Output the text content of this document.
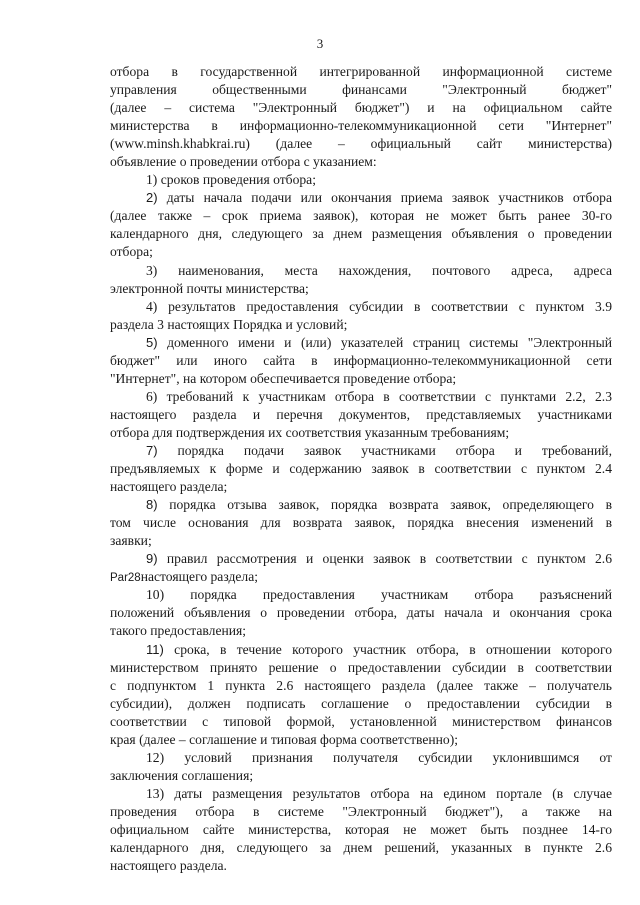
3
отбора в государственной интегрированной информационной системе
управления общественными финансами "Электронный бюджет"
(далее – система "Электронный бюджет") и на официальном сайте
министерства в информационно-телекоммуникационной сети "Интернет"
(www.minsh.khabkrai.ru) (далее – официальный сайт министерства)
объявление о проведении отбора с указанием:
1) сроков проведения отбора;
2) даты начала подачи или окончания приема заявок участников отбора
(далее также – срок приема заявок), которая не может быть ранее 30-го
календарного дня, следующего за днем размещения объявления о проведении
отбора;
3) наименования, места нахождения, почтового адреса, адреса
электронной почты министерства;
4) результатов предоставления субсидии в соответствии с пунктом 3.9
раздела 3 настоящих Порядка и условий;
5) доменного имени и (или) указателей страниц системы "Электронный
бюджет" или иного сайта в информационно-телекоммуникационной сети
"Интернет", на котором обеспечивается проведение отбора;
6) требований к участникам отбора в соответствии с пунктами 2.2, 2.3
настоящего раздела и перечня документов, представляемых участниками
отбора для подтверждения их соответствия указанным требованиям;
7) порядка подачи заявок участниками отбора и требований,
предъявляемых к форме и содержанию заявок в соответствии с пунктом 2.4
настоящего раздела;
8) порядка отзыва заявок, порядка возврата заявок, определяющего в
том числе основания для возврата заявок, порядка внесения изменений в
заявки;
9) правил рассмотрения и оценки заявок в соответствии с пунктом 2.6
Par28настоящего раздела;
10) порядка предоставления участникам отбора разъяснений
положений объявления о проведении отбора, даты начала и окончания срока
такого предоставления;
11) срока, в течение которого участник отбора, в отношении которого
министерством принято решение о предоставлении субсидии в соответствии
с подпунктом 1 пункта 2.6 настоящего раздела (далее также – получатель
субсидии), должен подписать соглашение о предоставлении субсидии в
соответствии с типовой формой, установленной министерством финансов
края (далее – соглашение и типовая форма соответственно);
12) условий признания получателя субсидии уклонившимся от
заключения соглашения;
13) даты размещения результатов отбора на едином портале (в случае
проведения отбора в системе "Электронный бюджет"), а также на
официальном сайте министерства, которая не может быть позднее 14-го
календарного дня, следующего за днем решений, указанных в пункте 2.6
настоящего раздела.
